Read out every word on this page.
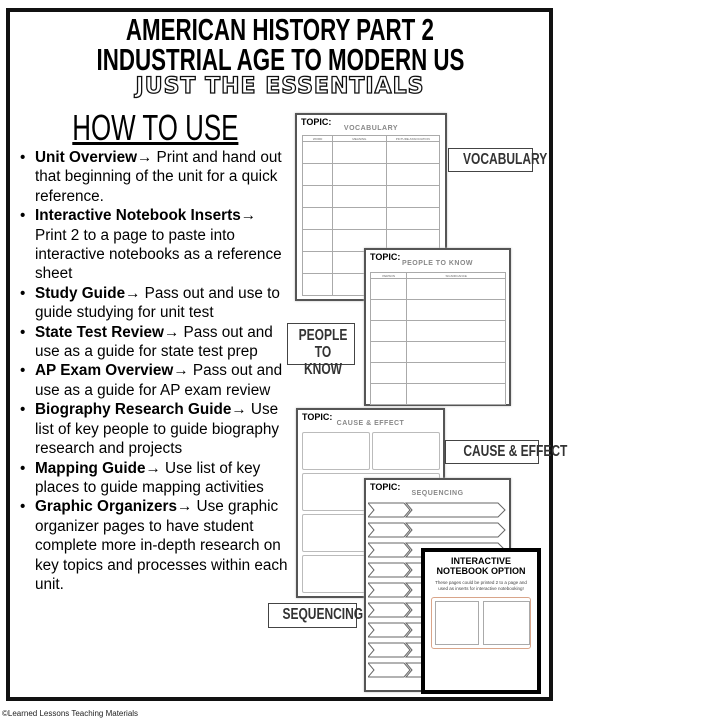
AMERICAN HISTORY PART 2
INDUSTRIAL AGE TO MODERN US
JUST THE ESSENTIALS
HOW TO USE
• Unit Overview→ Print and hand out that beginning of the unit for a quick reference.
• Interactive Notebook Inserts→ Print 2 to a page to paste into interactive notebooks as a reference sheet
• Study Guide→ Pass out and use to guide studying for unit test
• State Test Review→ Pass out and use as a guide for state test prep
• AP Exam Overview→ Pass out and use as a guide for AP exam review
• Biography Research Guide→ Use list of key people to guide biography research and projects
• Mapping Guide→ Use list of key places to guide mapping activities
• Graphic Organizers→ Use graphic organizer pages to have student complete more in-depth research on key topics and processes within each unit.
TOPIC:
VOCABULARY
WORD	MEANING	PICTURE ASSOCIATION

VOCABULARY
TOPIC:
PEOPLE TO KNOW
PERSON	SIGNIFICANCE

PEOPLE TO KNOW
TOPIC:
CAUSE & EFFECT
CAUSE & EFFECT
TOPIC:
SEQUENCING
SEQUENCING
INTERACTIVE NOTEBOOK OPTION
These pages could be printed 2 to a page and used as inserts for interactive notebooking!
©Learned Lessons Teaching Materials
